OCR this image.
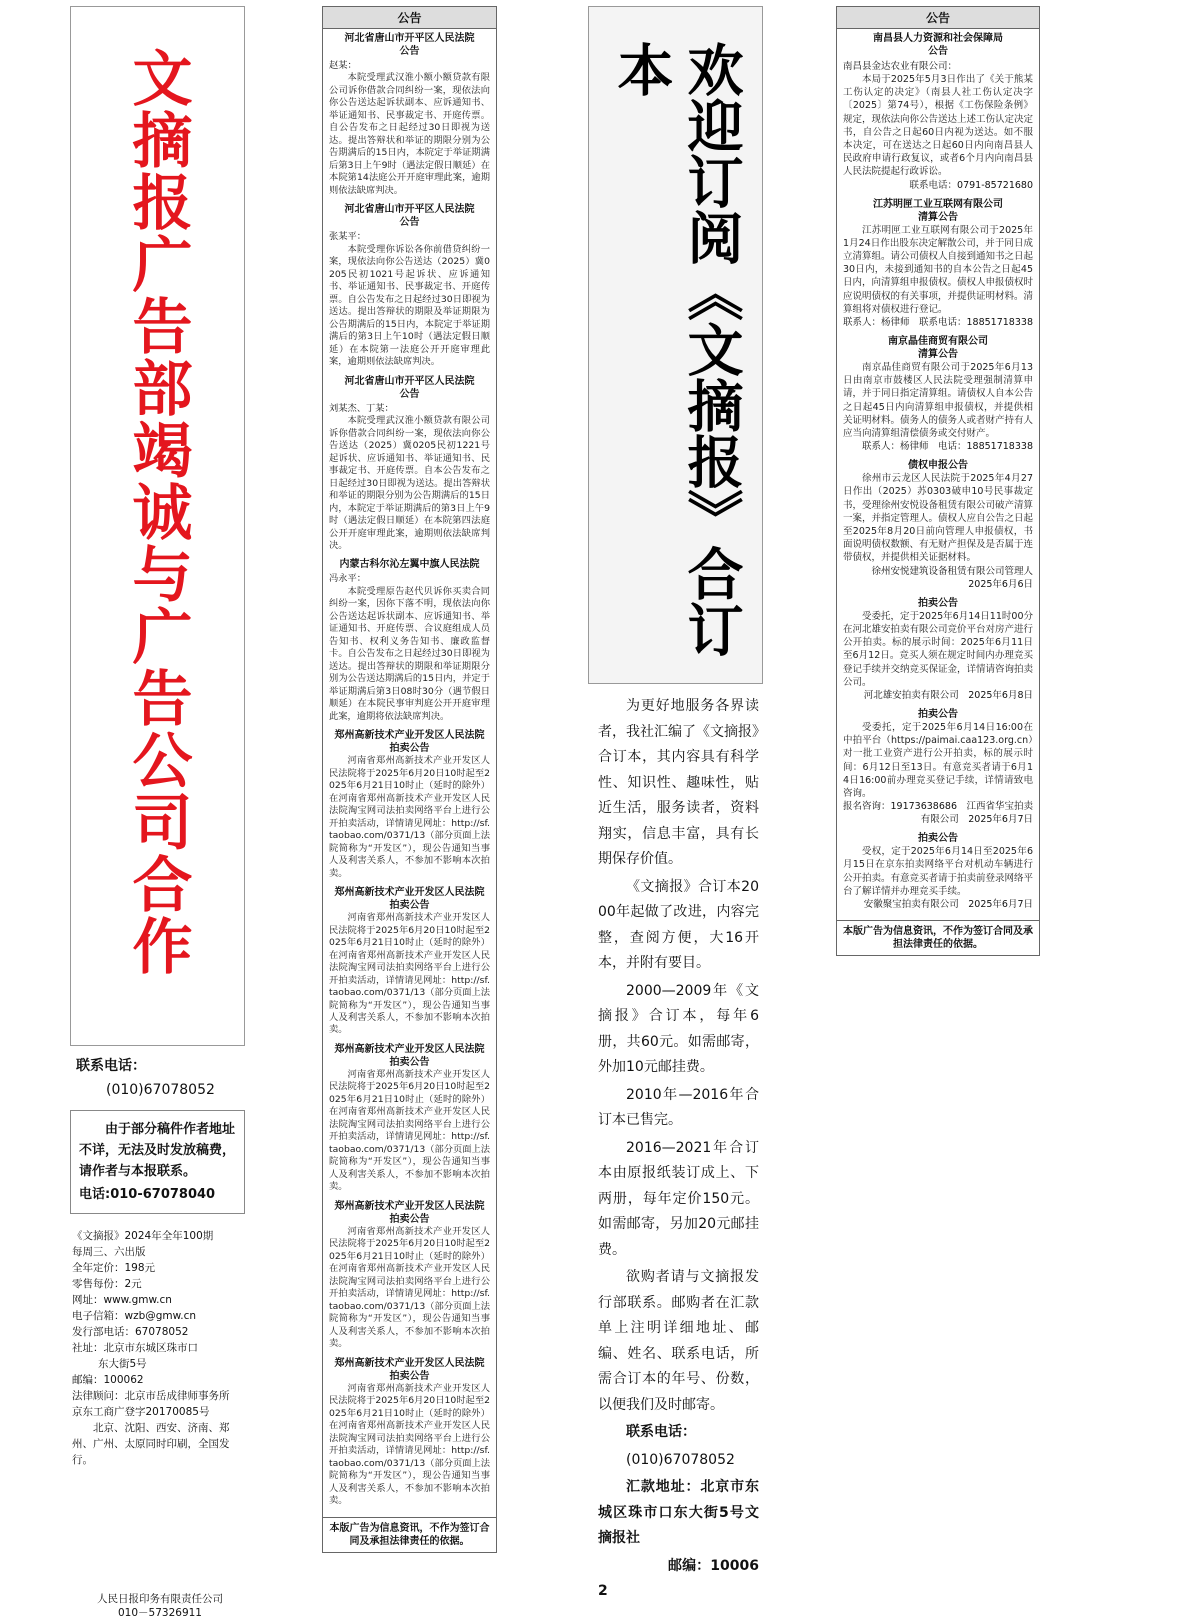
文摘报广告部竭诚与广告公司合作
联系电话：
(010)67078052
由于部分稿件作者地址不详，无法及时发放稿费，请作者与本报联系。
电话:010-67078040
《文摘报》2024年全年100期
每周三、六出版
全年定价：198元
零售每份：2元
网址：www.gmw.cn
电子信箱：wzb@gmw.cn
发行部电话：67078052
社址：北京市东城区珠市口
东大街5号
邮编：100062
法律顾问：北京市岳成律师事务所
京东工商广登字20170085号
北京、沈阳、西安、济南、郑州、广州、太原同时印刷，全国发行。
人民日报印务有限责任公司
010－57326911
公告
河北省唐山市开平区人民法院
公告
赵某：
本院受理武汉淮小额小额贷款有限公司诉你借款合同纠纷一案，现依法向你公告送达起诉状副本、应诉通知书、举证通知书、民事裁定书、开庭传票。自公告发布之日起经过30日即视为送达。提出答辩状和举证的期限分别为公告期满后的15日内，本院定于举证期满后第3日上午9时（遇法定假日顺延）在本院第14法庭公开开庭审理此案，逾期则依法缺席判决。
河北省唐山市开平区人民法院
公告
张某平：
本院受理你诉讼各你前借贷纠纷一案，现依法向你公告送达（2025）冀0205民初1021号起诉状、应诉通知书、举证通知书、民事裁定书、开庭传票。自公告发布之日起经过30日即视为送达。提出答辩状的期限及举证期限为公告期满后的15日内，本院定于举证期满后的第3日上午10时（遇法定假日顺延）在本院第一法庭公开开庭审理此案，逾期则依法缺席判决。
河北省唐山市开平区人民法院
公告
刘某杰、丁某：
本院受理武汉淮小额贷款有限公司诉你借款合同纠纷一案，现依法向你公告送达（2025）冀0205民初1221号起诉状、应诉通知书、举证通知书、民事裁定书、开庭传票。自本公告发布之日起经过30日即视为送达。提出答辩状和举证的期限分别为公告期满后的15日内，本院定于举证期满后的第3日上午9时（遇法定假日顺延）在本院第四法庭公开开庭审理此案，逾期则依法缺席判决。
内蒙古科尔沁左翼中旗人民法院
冯永平：
本院受理原告赵代贝诉你买卖合同纠纷一案，因你下落不明，现依法向你公告送达起诉状副本、应诉通知书、举证通知书、开庭传票、合议庭组成人员告知书、权利义务告知书、廉政监督卡。自公告发布之日起经过30日即视为送达。提出答辩状的期限和举证期限分别为公告送达期满后的15日内，并定于举证期满后第3日08时30分（遇节假日顺延）在本院民事审判庭公开开庭审理此案，逾期将依法缺席判决。
郑州高新技术产业开发区人民法院
拍卖公告
河南省郑州高新技术产业开发区人民法院将于2025年6月20日10时起至2025年6月21日10时止（延时的除外）在河南省郑州高新技术产业开发区人民法院淘宝网司法拍卖网络平台上进行公开拍卖活动，详情请见网址：http://sf.taobao.com/0371/13（部分页面上法院简称为“开发区”），现公告通知当事人及利害关系人，不参加不影响本次拍卖。
郑州高新技术产业开发区人民法院
拍卖公告
河南省郑州高新技术产业开发区人民法院将于2025年6月20日10时起至2025年6月21日10时止（延时的除外）在河南省郑州高新技术产业开发区人民法院淘宝网司法拍卖网络平台上进行公开拍卖活动，详情请见网址：http://sf.taobao.com/0371/13（部分页面上法院简称为“开发区”），现公告通知当事人及利害关系人，不参加不影响本次拍卖。
郑州高新技术产业开发区人民法院
拍卖公告
河南省郑州高新技术产业开发区人民法院将于2025年6月20日10时起至2025年6月21日10时止（延时的除外）在河南省郑州高新技术产业开发区人民法院淘宝网司法拍卖网络平台上进行公开拍卖活动，详情请见网址：http://sf.taobao.com/0371/13（部分页面上法院简称为“开发区”），现公告通知当事人及利害关系人，不参加不影响本次拍卖。
郑州高新技术产业开发区人民法院
拍卖公告
河南省郑州高新技术产业开发区人民法院将于2025年6月20日10时起至2025年6月21日10时止（延时的除外）在河南省郑州高新技术产业开发区人民法院淘宝网司法拍卖网络平台上进行公开拍卖活动，详情请见网址：http://sf.taobao.com/0371/13（部分页面上法院简称为“开发区”），现公告通知当事人及利害关系人，不参加不影响本次拍卖。
郑州高新技术产业开发区人民法院
拍卖公告
河南省郑州高新技术产业开发区人民法院将于2025年6月20日10时起至2025年6月21日10时止（延时的除外）在河南省郑州高新技术产业开发区人民法院淘宝网司法拍卖网络平台上进行公开拍卖活动，详情请见网址：http://sf.taobao.com/0371/13（部分页面上法院简称为“开发区”），现公告通知当事人及利害关系人，不参加不影响本次拍卖。
本版广告为信息资讯，不作为签订合同及承担法律责任的依据。
欢迎订阅《文摘报》合订本

为更好地服务各界读者，我社汇编了《文摘报》合订本，其内容具有科学性、知识性、趣味性，贴近生活，服务读者，资料翔实，信息丰富，具有长期保存价值。

《文摘报》合订本2000年起做了改进，内容完整，查阅方便，大16开本，并附有要目。

2000—2009年《文摘报》合订本，每年6册，共60元。如需邮寄，外加10元邮挂费。

2010年—2016年合订本已售完。

2016—2021年合订本由原报纸装订成上、下两册，每年定价150元。如需邮寄，另加20元邮挂费。

欲购者请与文摘报发行部联系。邮购者在汇款单上注明详细地址、邮编、姓名、联系电话，所需合订本的年号、份数，以便我们及时邮寄。

联系电话：

(010)67078052

汇款地址：北京市东城区珠市口东大街5号文摘报社

邮编：100062

公告
南昌县人力资源和社会保障局
公告
南昌县金达农业有限公司：
本局于2025年5月3日作出了《关于熊某工伤认定的决定》（南县人社工伤认定决字〔2025〕第74号），根据《工伤保险条例》规定，现依法向你公告送达上述工伤认定决定书，自公告之日起60日内视为送达。如不服本决定，可在送达之日起60日内向南昌县人民政府申请行政复议，或者6个月内向南昌县人民法院提起行政诉讼。
联系电话：0791-85721680
江苏明匣工业互联网有限公司
清算公告
江苏明匣工业互联网有限公司于2025年1月24日作出股东决定解散公司，并于同日成立清算组。请公司债权人自接到通知书之日起30日内，未接到通知书的自本公告之日起45日内，向清算组申报债权。债权人申报债权时应说明债权的有关事项，并提供证明材料。清算组将对债权进行登记。
联系人：杨律师　联系电话：18851718338
南京晶佳商贸有限公司
清算公告
南京晶佳商贸有限公司于2025年6月13日由南京市鼓楼区人民法院受理强制清算申请，并于同日指定清算组。请债权人自本公告之日起45日内向清算组申报债权，并提供相关证明材料。债务人的债务人或者财产持有人应当向清算组清偿债务或交付财产。
联系人：杨律师　电话：18851718338
债权申报公告
徐州市云龙区人民法院于2025年4月27日作出（2025）苏0303破申10号民事裁定书，受理徐州安悦设备租赁有限公司破产清算一案，并指定管理人。债权人应自公告之日起至2025年8月20日前向管理人申报债权，书面说明债权数额、有无财产担保及是否属于连带债权，并提供相关证据材料。
徐州安悦建筑设备租赁有限公司管理人　2025年6月6日
拍卖公告
受委托，定于2025年6月14日11时00分在河北雄安拍卖有限公司竞价平台对房产进行公开拍卖。标的展示时间：2025年6月11日至6月12日。竞买人须在规定时间内办理竞买登记手续并交纳竞买保证金，详情请咨询拍卖公司。
河北雄安拍卖有限公司　2025年6月8日
拍卖公告
受委托，定于2025年6月14日16:00在中拍平台（https://paimai.caa123.org.cn）对一批工业资产进行公开拍卖，标的展示时间：6月12日至13日。有意竞买者请于6月14日16:00前办理竞买登记手续，详情请致电咨询。
报名咨询：19173638686　江西省华宝拍卖有限公司　2025年6月7日
拍卖公告
受权，定于2025年6月14日至2025年6月15日在京东拍卖网络平台对机动车辆进行公开拍卖。有意竞买者请于拍卖前登录网络平台了解详情并办理竞买手续。
安徽聚宝拍卖有限公司　2025年6月7日
本版广告为信息资讯，不作为签订合同及承担法律责任的依据。
